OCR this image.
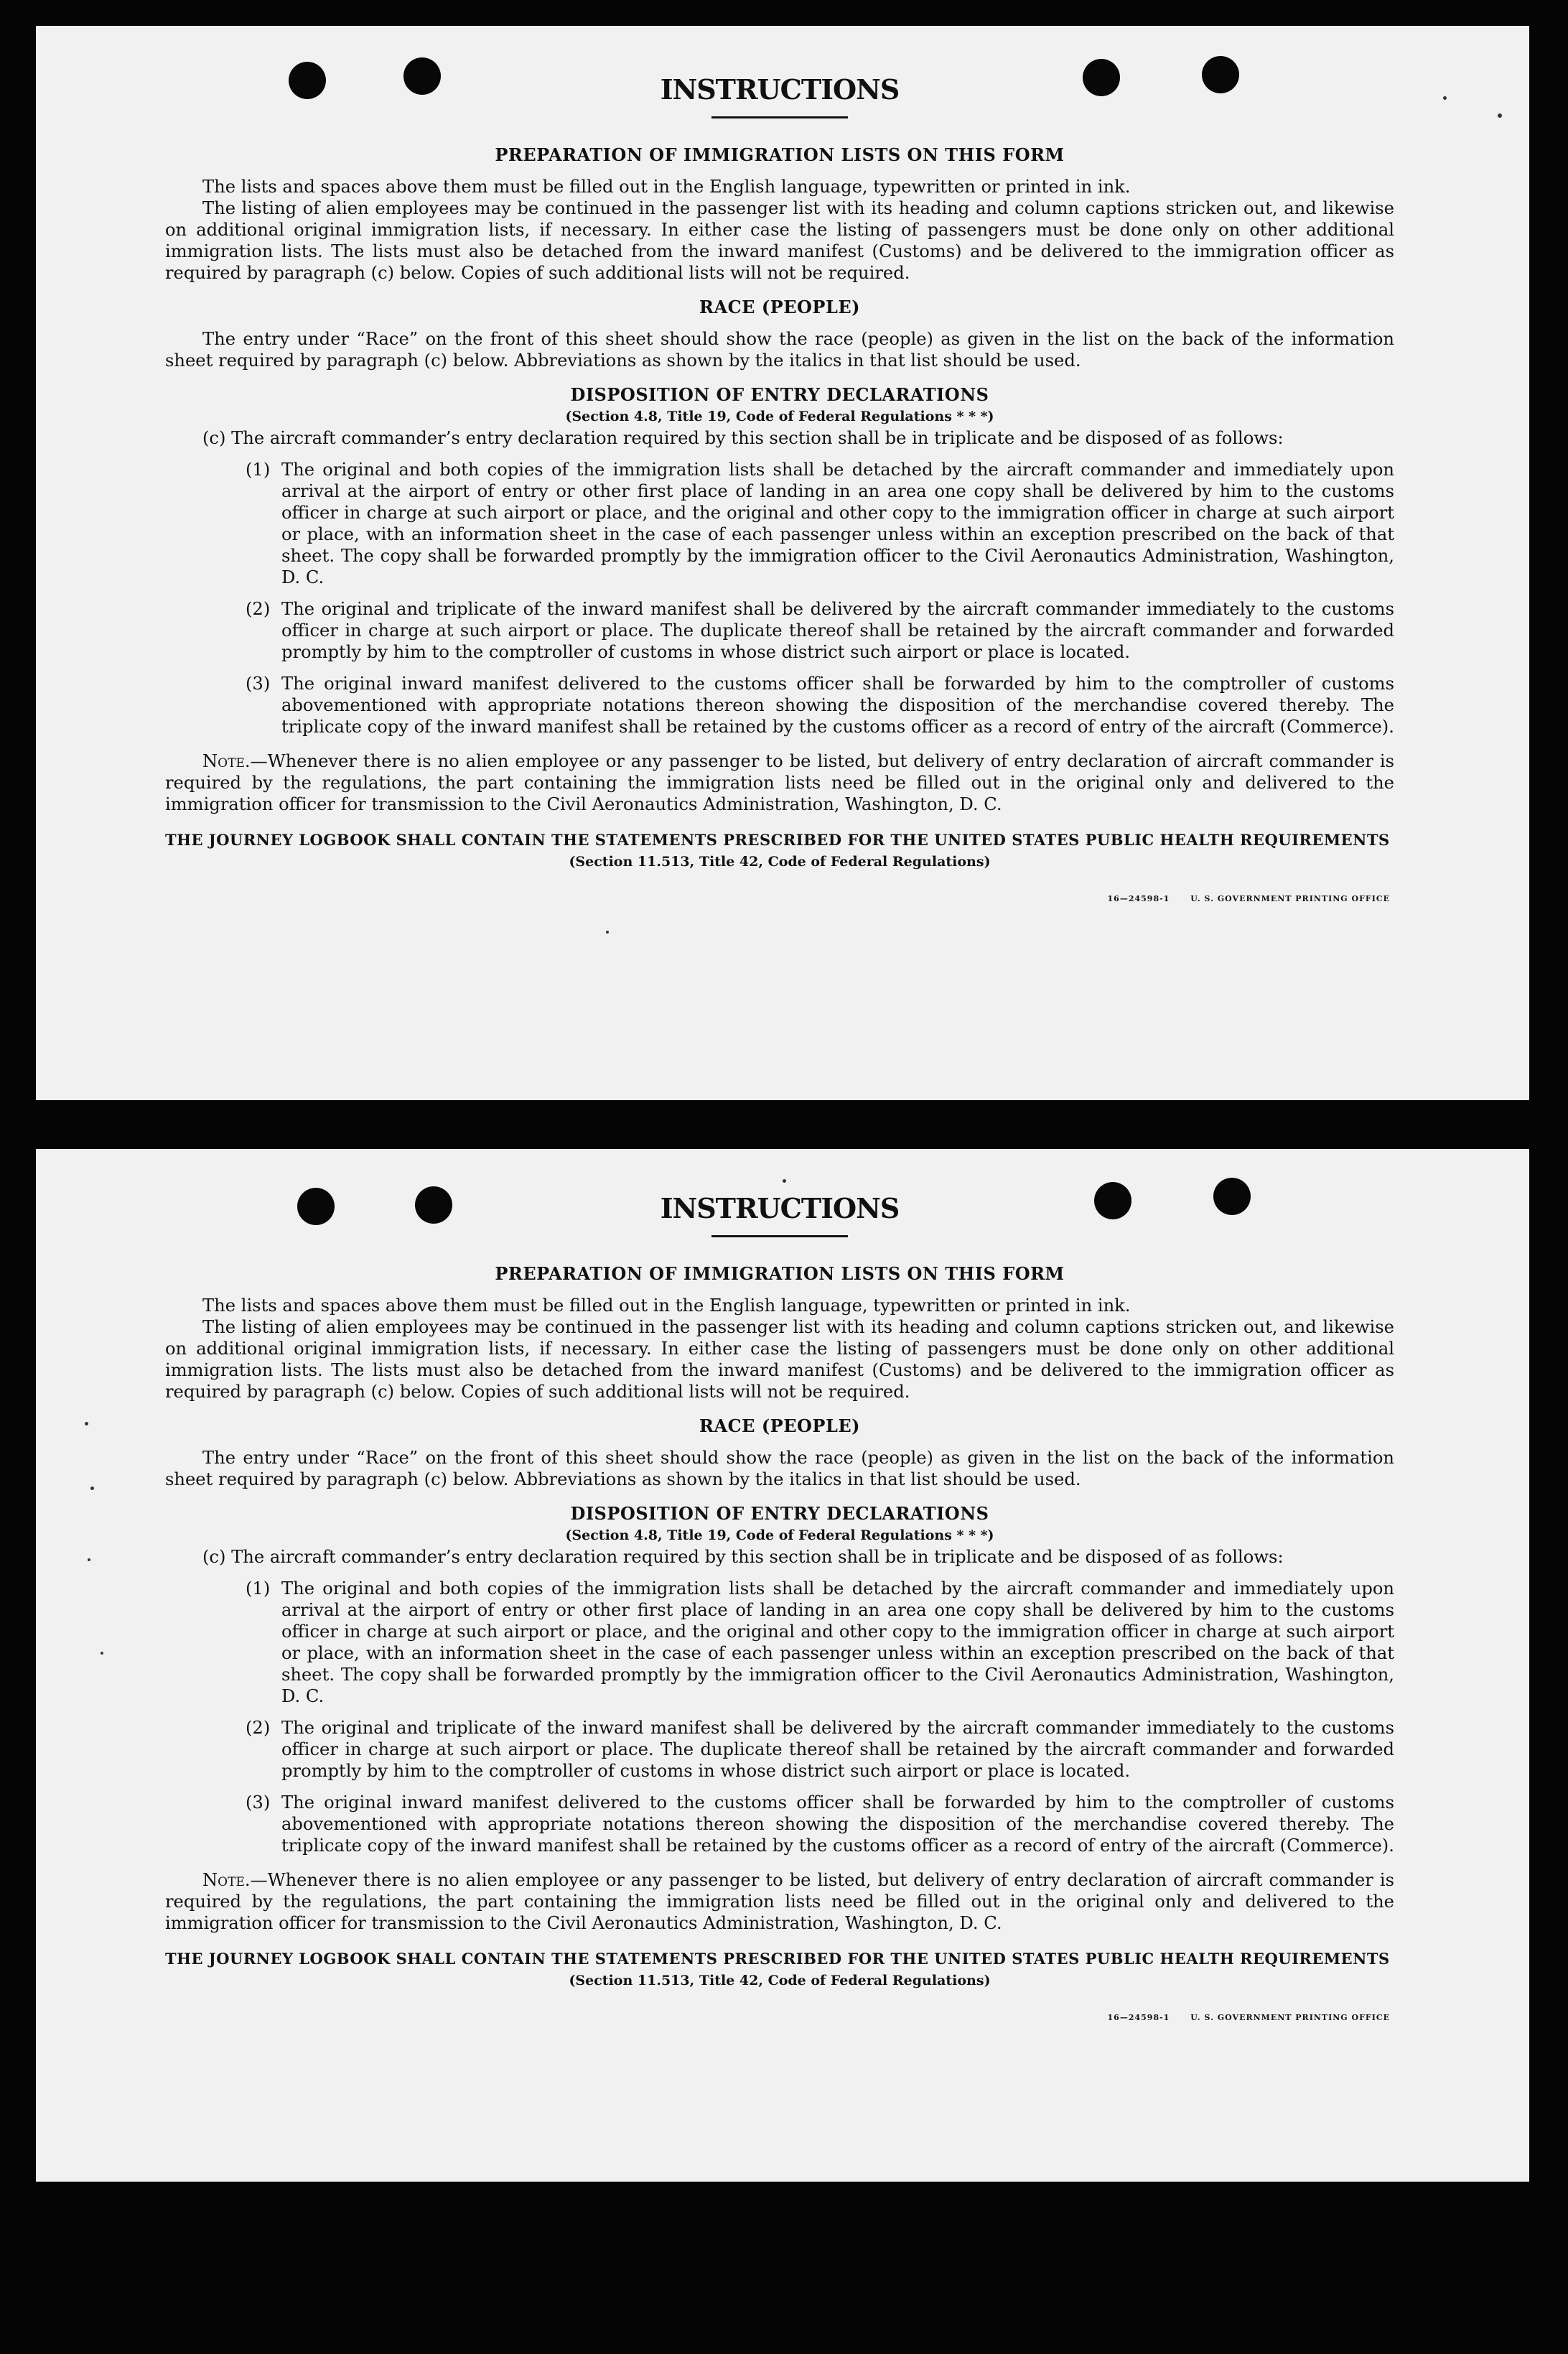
INSTRUCTIONS
PREPARATION OF IMMIGRATION LISTS ON THIS FORM

The lists and spaces above them must be filled out in the English language, typewritten or printed in ink.

The listing of alien employees may be continued in the passenger list with its heading and column captions stricken out, and likewise on additional original immigration lists, if necessary. In either case the listing of passengers must be done only on other additional immigration lists. The lists must also be detached from the inward manifest (Customs) and be delivered to the immigration officer as required by paragraph (c) below. Copies of such additional lists will not be required.

RACE (PEOPLE)

The entry under “Race” on the front of this sheet should show the race (people) as given in the list on the back of the information sheet required by paragraph (c) below. Abbreviations as shown by the italics in that list should be used.

DISPOSITION OF ENTRY DECLARATIONS

(Section 4.8, Title 19, Code of Federal Regulations * * *)

(c) The aircraft commander’s entry declaration required by this section shall be in triplicate and be disposed of as follows:

(1) The original and both copies of the immigration lists shall be detached by the aircraft commander and immediately upon arrival at the airport of entry or other first place of landing in an area one copy shall be delivered by him to the customs officer in charge at such airport or place, and the original and other copy to the immigration officer in charge at such airport or place, with an information sheet in the case of each passenger unless within an exception prescribed on the back of that sheet. The copy shall be forwarded promptly by the immigration officer to the Civil Aeronautics Administration, Washington, D. C.

(2) The original and triplicate of the inward manifest shall be delivered by the aircraft commander immediately to the customs officer in charge at such airport or place. The duplicate thereof shall be retained by the aircraft commander and forwarded promptly by him to the comptroller of customs in whose district such airport or place is located.

(3) The original inward manifest delivered to the customs officer shall be forwarded by him to the comptroller of customs abovementioned with appropriate notations thereon showing the disposition of the merchandise covered thereby. The triplicate copy of the inward manifest shall be retained by the customs officer as a record of entry of the aircraft (Commerce).

Note.—Whenever there is no alien employee or any passenger to be listed, but delivery of entry declaration of aircraft commander is required by the regulations, the part containing the immigration lists need be filled out in the original only and delivered to the immigration officer for transmission to the Civil Aeronautics Administration, Washington, D. C.

THE JOURNEY LOGBOOK SHALL CONTAIN THE STATEMENTS PRESCRIBED FOR THE UNITED STATES PUBLIC HEALTH REQUIREMENTS

(Section 11.513, Title 42, Code of Federal Regulations)

16—24598-1	U. S. GOVERNMENT PRINTING OFFICE
INSTRUCTIONS
PREPARATION OF IMMIGRATION LISTS ON THIS FORM

The lists and spaces above them must be filled out in the English language, typewritten or printed in ink.

The listing of alien employees may be continued in the passenger list with its heading and column captions stricken out, and likewise on additional original immigration lists, if necessary. In either case the listing of passengers must be done only on other additional immigration lists. The lists must also be detached from the inward manifest (Customs) and be delivered to the immigration officer as required by paragraph (c) below. Copies of such additional lists will not be required.

RACE (PEOPLE)

The entry under “Race” on the front of this sheet should show the race (people) as given in the list on the back of the information sheet required by paragraph (c) below. Abbreviations as shown by the italics in that list should be used.

DISPOSITION OF ENTRY DECLARATIONS

(Section 4.8, Title 19, Code of Federal Regulations * * *)

(c) The aircraft commander’s entry declaration required by this section shall be in triplicate and be disposed of as follows:

(1) The original and both copies of the immigration lists shall be detached by the aircraft commander and immediately upon arrival at the airport of entry or other first place of landing in an area one copy shall be delivered by him to the customs officer in charge at such airport or place, and the original and other copy to the immigration officer in charge at such airport or place, with an information sheet in the case of each passenger unless within an exception prescribed on the back of that sheet. The copy shall be forwarded promptly by the immigration officer to the Civil Aeronautics Administration, Washington, D. C.

(2) The original and triplicate of the inward manifest shall be delivered by the aircraft commander immediately to the customs officer in charge at such airport or place. The duplicate thereof shall be retained by the aircraft commander and forwarded promptly by him to the comptroller of customs in whose district such airport or place is located.

(3) The original inward manifest delivered to the customs officer shall be forwarded by him to the comptroller of customs abovementioned with appropriate notations thereon showing the disposition of the merchandise covered thereby. The triplicate copy of the inward manifest shall be retained by the customs officer as a record of entry of the aircraft (Commerce).

Note.—Whenever there is no alien employee or any passenger to be listed, but delivery of entry declaration of aircraft commander is required by the regulations, the part containing the immigration lists need be filled out in the original only and delivered to the immigration officer for transmission to the Civil Aeronautics Administration, Washington, D. C.

THE JOURNEY LOGBOOK SHALL CONTAIN THE STATEMENTS PRESCRIBED FOR THE UNITED STATES PUBLIC HEALTH REQUIREMENTS

(Section 11.513, Title 42, Code of Federal Regulations)

16—24598-1	U. S. GOVERNMENT PRINTING OFFICE
